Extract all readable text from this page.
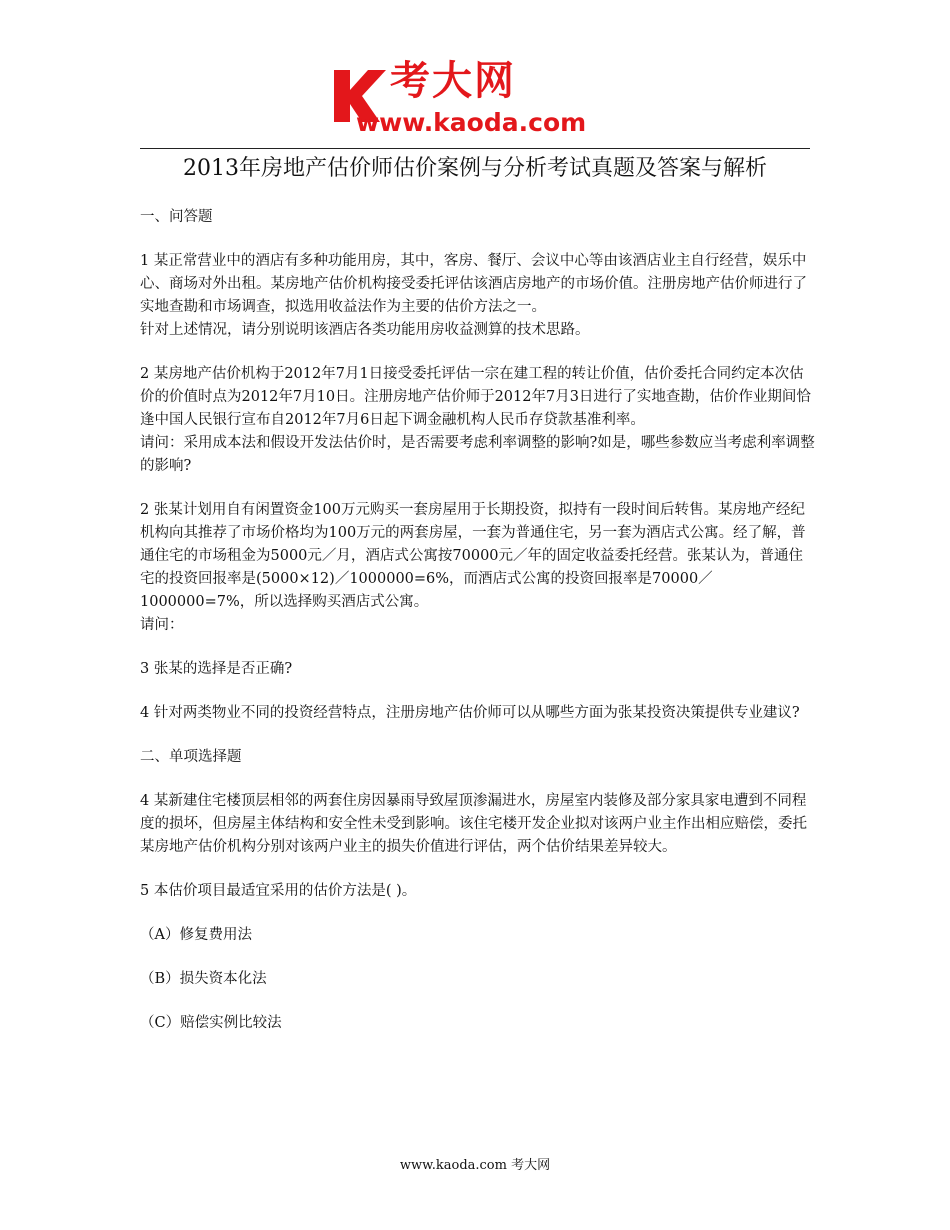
考大网
www.kaoda.com
2013年房地产估价师估价案例与分析考试真题及答案与解析

一、问答题

1 某正常营业中的酒店有多种功能用房，其中，客房、餐厅、会议中心等由该酒店业主自行经营，娱乐中心、商场对外出租。某房地产估价机构接受委托评估该酒店房地产的市场价值。注册房地产估价师进行了实地查勘和市场调查，拟选用收益法作为主要的估价方法之一。

针对上述情况，请分别说明该酒店各类功能用房收益测算的技术思路。

2 某房地产估价机构于2012年7月1日接受委托评估一宗在建工程的转让价值，估价委托合同约定本次估价的价值时点为2012年7月10日。注册房地产估价师于2012年7月3日进行了实地查勘，估价作业期间恰逢中国人民银行宣布自2012年7月6日起下调金融机构人民币存贷款基准利率。

请问：采用成本法和假设开发法估价时，是否需要考虑利率调整的影响?如是，哪些参数应当考虑利率调整的影响?

2 张某计划用自有闲置资金100万元购买一套房屋用于长期投资，拟持有一段时间后转售。某房地产经纪机构向其推荐了市场价格均为100万元的两套房屋，一套为普通住宅，另一套为酒店式公寓。经了解，普通住宅的市场租金为5000元／月，酒店式公寓按70000元／年的固定收益委托经营。张某认为，普通住宅的投资回报率是(5000×12)／1000000=6%，而酒店式公寓的投资回报率是70000／1000000=7%，所以选择购买酒店式公寓。

请问：

3 张某的选择是否正确?

4 针对两类物业不同的投资经营特点，注册房地产估价师可以从哪些方面为张某投资决策提供专业建议?

二、单项选择题

4 某新建住宅楼顶层相邻的两套住房因暴雨导致屋顶渗漏进水，房屋室内装修及部分家具家电遭到不同程度的损坏，但房屋主体结构和安全性未受到影响。该住宅楼开发企业拟对该两户业主作出相应赔偿，委托某房地产估价机构分别对该两户业主的损失价值进行评估，两个估价结果差异较大。

5 本估价项目最适宜采用的估价方法是( )。

（A）修复费用法

（B）损失资本化法

（C）赔偿实例比较法

www.kaoda.com 考大网
